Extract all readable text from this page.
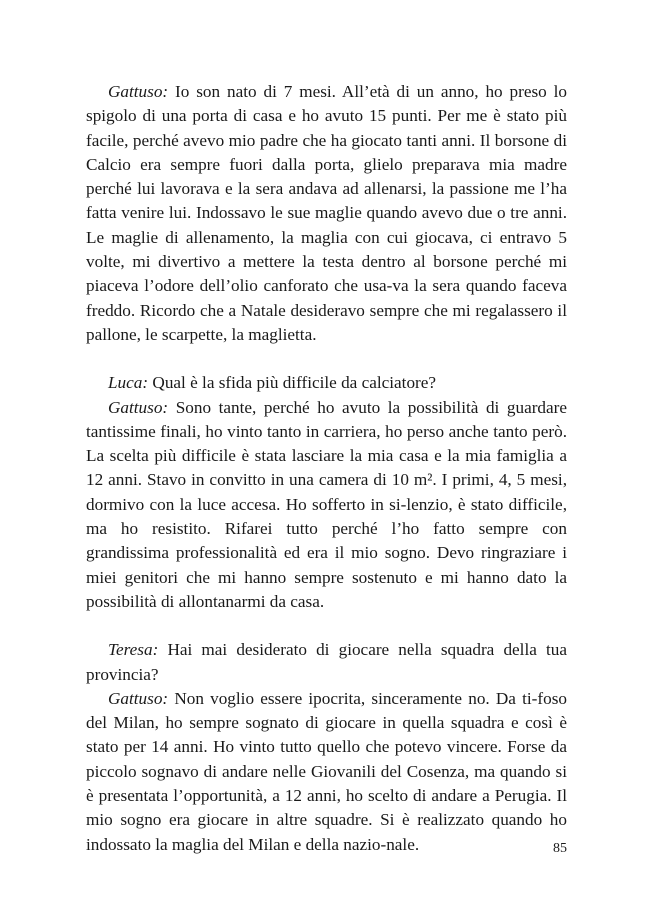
Gattuso: Io son nato di 7 mesi. All’età di un anno, ho preso lo spigolo di una porta di casa e ho avuto 15 punti. Per me è stato più facile, perché avevo mio padre che ha giocato tanti anni. Il borsone di Calcio era sempre fuori dalla porta, glielo preparava mia madre perché lui lavorava e la sera andava ad allenarsi, la passione me l’ha fatta venire lui. Indossavo le sue maglie quando avevo due o tre anni. Le maglie di allenamento, la maglia con cui giocava, ci entravo 5 volte, mi divertivo a mettere la testa dentro al borsone perché mi piaceva l’odore dell’olio canforato che usa-va la sera quando faceva freddo. Ricordo che a Natale desideravo sempre che mi regalassero il pallone, le scarpette, la maglietta.

Luca: Qual è la sfida più difficile da calciatore?

Gattuso: Sono tante, perché ho avuto la possibilità di guardare tantissime finali, ho vinto tanto in carriera, ho perso anche tanto però. La scelta più difficile è stata lasciare la mia casa e la mia famiglia a 12 anni. Stavo in convitto in una camera di 10 m². I primi, 4, 5 mesi, dormivo con la luce accesa. Ho sofferto in si-lenzio, è stato difficile, ma ho resistito. Rifarei tutto perché l’ho fatto sempre con grandissima professionalità ed era il mio sogno. Devo ringraziare i miei genitori che mi hanno sempre sostenuto e mi hanno dato la possibilità di allontanarmi da casa.

Teresa: Hai mai desiderato di giocare nella squadra della tua provincia?

Gattuso: Non voglio essere ipocrita, sinceramente no. Da ti-foso del Milan, ho sempre sognato di giocare in quella squadra e così è stato per 14 anni. Ho vinto tutto quello che potevo vincere. Forse da piccolo sognavo di andare nelle Giovanili del Cosenza, ma quando si è presentata l’opportunità, a 12 anni, ho scelto di andare a Perugia. Il mio sogno era giocare in altre squadre. Si è realizzato quando ho indossato la maglia del Milan e della nazio-nale.	85
